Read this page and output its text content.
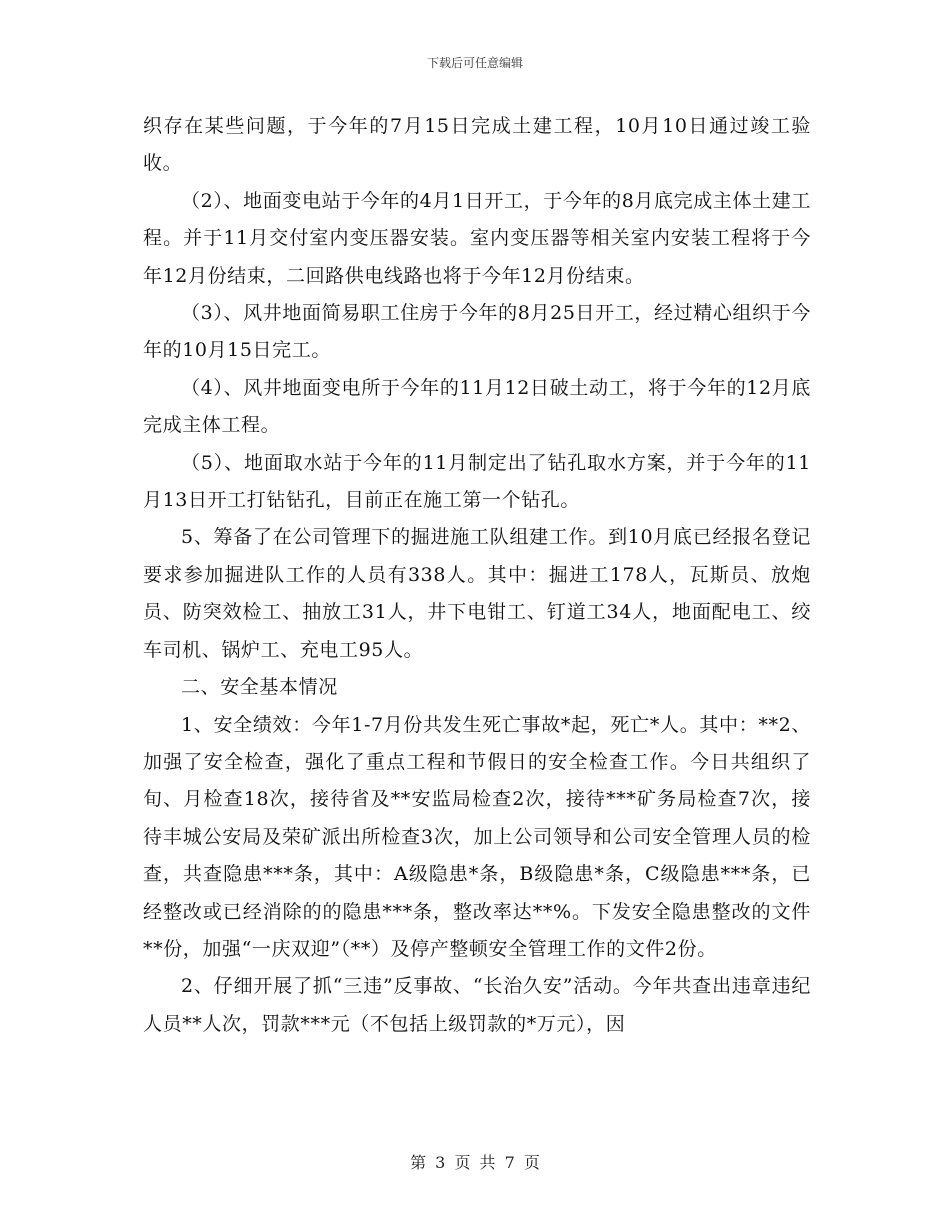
下载后可任意编辑

织存在某些问题，于今年的7月15日完成土建工程，10月10日通过竣工验收。

（2）、地面变电站于今年的4月1日开工，于今年的8月底完成主体土建工程。并于11月交付室内变压器安装。室内变压器等相关室内安装工程将于今年12月份结束，二回路供电线路也将于今年12月份结束。

（3）、风井地面简易职工住房于今年的8月25日开工，经过精心组织于今年的10月15日完工。

（4）、风井地面变电所于今年的11月12日破土动工，将于今年的12月底完成主体工程。

（5）、地面取水站于今年的11月制定出了钻孔取水方案，并于今年的11月13日开工打钻钻孔，目前正在施工第一个钻孔。

5、筹备了在公司管理下的掘进施工队组建工作。到10月底已经报名登记要求参加掘进队工作的人员有338人。其中：掘进工178人，瓦斯员、放炮员、防突效检工、抽放工31人，井下电钳工、钉道工34人，地面配电工、绞车司机、锅炉工、充电工95人。

二、安全基本情况

1、安全绩效：今年1-7月份共发生死亡事故*起，死亡*人。其中：**2、加强了安全检查，强化了重点工程和节假日的安全检查工作。今日共组织了旬、月检查18次，接待省及**安监局检查2次，接待***矿务局检查7次，接待丰城公安局及荣矿派出所检查3次，加上公司领导和公司安全管理人员的检查，共查隐患***条，其中：A级隐患*条，B级隐患*条，C级隐患***条，已经整改或已经消除的的隐患***条，整改率达**%。下发安全隐患整改的文件**份，加强“一庆双迎”（**）及停产整顿安全管理工作的文件2份。

2、仔细开展了抓“三违”反事故、“长治久安”活动。今年共查出违章违纪人员**人次，罚款***元（不包括上级罚款的*万元），因

第 3 页 共 7 页
